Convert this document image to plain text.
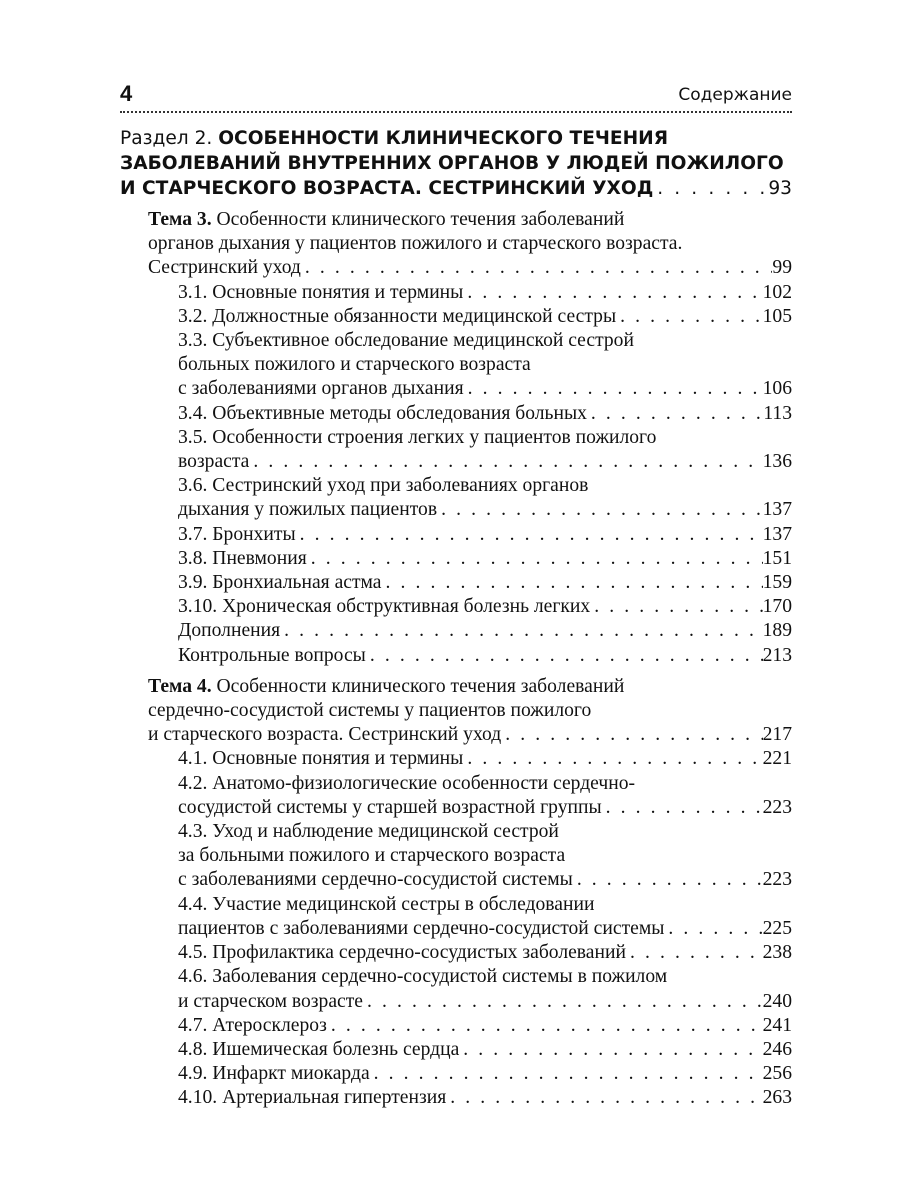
4	Содержание
Раздел 2. ОСОБЕННОСТИ КЛИНИЧЕСКОГО ТЕЧЕНИЯ
ЗАБОЛЕВАНИЙ ВНУТРЕННИХ ОРГАНОВ У ЛЮДЕЙ ПОЖИЛОГО
И СТАРЧЕСКОГО ВОЗРАСТА. СЕСТРИНСКИЙ УХОД . . .	93
Тема 3. Особенности клинического течения заболеваний
органов дыхания у пациентов пожилого и старческого возраста.
Сестринский уход . . .	99
3.1. Основные понятия и термины . . .	102
3.2. Должностные обязанности медицинской сестры . . .	105
3.3. Субъективное обследование медицинской сестрой
больных пожилого и старческого возраста
с заболеваниями органов дыхания . . .	106
3.4. Объективные методы обследования больных . . .	113
3.5. Особенности строения легких у пациентов пожилого
возраста . . .	136
3.6. Сестринский уход при заболеваниях органов
дыхания у пожилых пациентов . . .	137
3.7. Бронхиты . . .	137
3.8. Пневмония . . .	151
3.9. Бронхиальная астма . . .	159
3.10. Хроническая обструктивная болезнь легких . . .	170
Дополнения . . .	189
Контрольные вопросы . . .	213
Тема 4. Особенности клинического течения заболеваний
сердечно-сосудистой системы у пациентов пожилого
и старческого возраста. Сестринский уход . . .	217
4.1. Основные понятия и термины . . .	221
4.2. Анатомо-физиологические особенности сердечно-
сосудистой системы у старшей возрастной группы . . .	223
4.3. Уход и наблюдение медицинской сестрой
за больными пожилого и старческого возраста
с заболеваниями сердечно-сосудистой системы . . .	223
4.4. Участие медицинской сестры в обследовании
пациентов с заболеваниями сердечно-сосудистой системы . . .	225
4.5. Профилактика сердечно-сосудистых заболеваний . . .	238
4.6. Заболевания сердечно-сосудистой системы в пожилом
и старческом возрасте . . .	240
4.7. Атеросклероз . . .	241
4.8. Ишемическая болезнь сердца . . .	246
4.9. Инфаркт миокарда . . .	256
4.10. Артериальная гипертензия . . .	263
